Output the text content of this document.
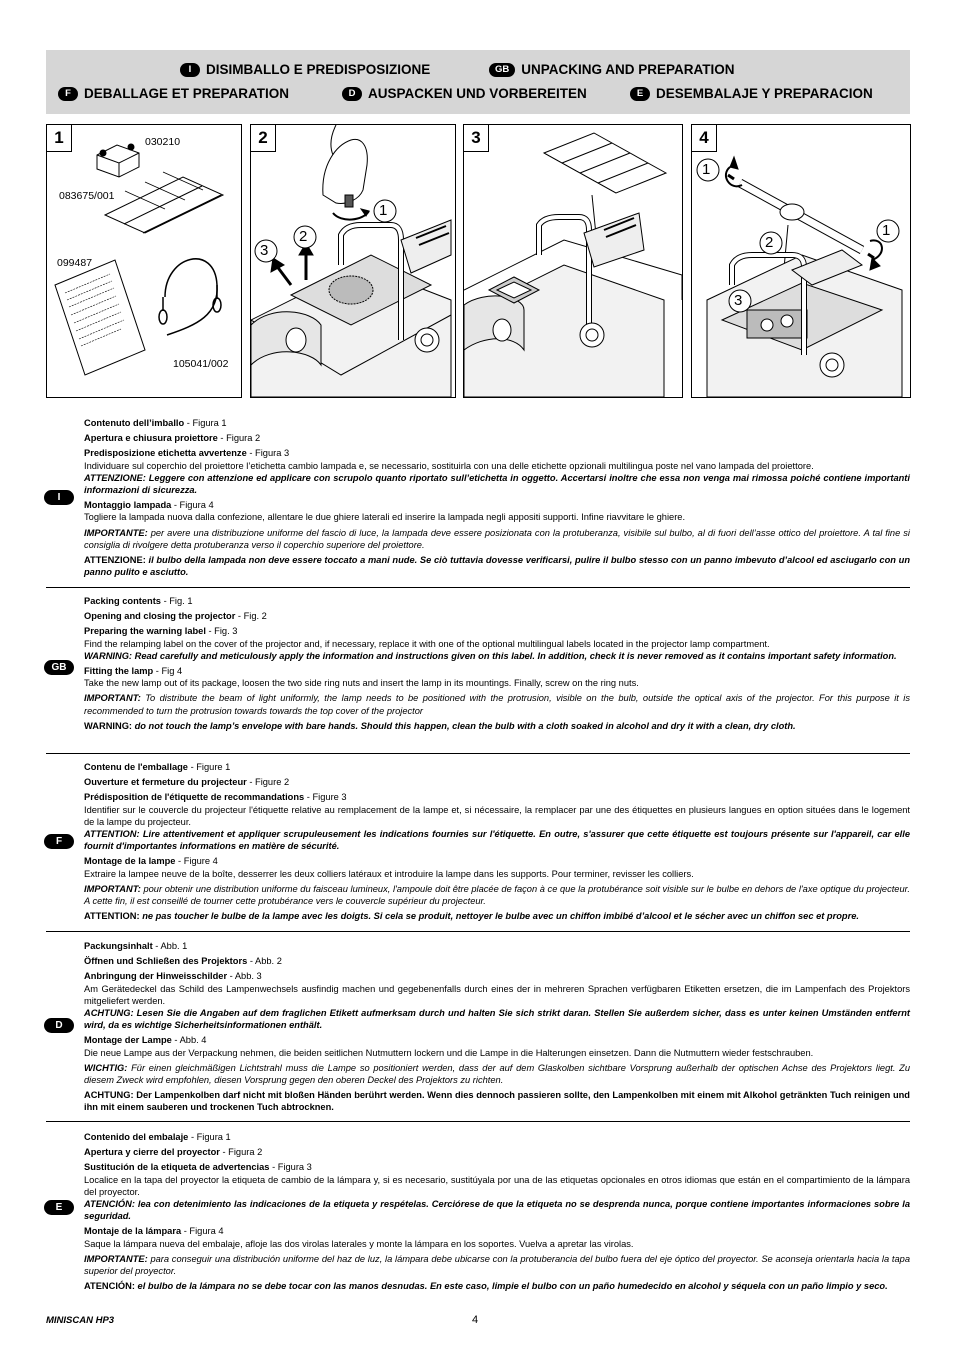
I	DISIMBALLO E PREDISPOSIZIONE	GB UNPACKING AND PREPARATION
F DEBALLAGE ET PREPARATION	D AUSPACKEN UND VORBEREITEN	E DESEMBALAJE Y PREPARACION
1	030210
083675/001
099487
105041/002
2
1
2
3
3	4
1
1
2
3
I

Contenuto dell’imballo - Figura 1

Apertura e chiusura proiettore - Figura 2

Predisposizione etichetta avvertenze - Figura 3

Individuare sul coperchio del proiettore l’etichetta cambio lampada e, se necessario, sostituirla con una delle etichette opzionali multilingua poste nel vano lampada del proiettore.

ATTENZIONE: Leggere con attenzione ed applicare con scrupolo quanto riportato sull’etichetta in oggetto. Accertarsi inoltre che essa non venga mai rimossa poiché contiene importanti informazioni di sicurezza.

Montaggio lampada - Figura 4

Togliere la lampada nuova dalla confezione, allentare le due ghiere laterali ed inserire la lampada negli appositi supporti. Infine riavvitare le ghiere.

IMPORTANTE: per avere una distribuzione uniforme del fascio di luce, la lampada deve essere posizionata con la protuberanza, visibile sul bulbo, al di fuori dell’asse ottico del proiettore. A tal fine si consiglia di rivolgere detta protuberanza verso il coperchio superiore del proiettore.

ATTENZIONE: il bulbo della lampada non deve essere toccato a mani nude. Se ciò tuttavia dovesse verificarsi, pulire il bulbo stesso con un panno imbevuto d’alcool ed asciugarlo con un panno pulito e asciutto.

GB

Packing contents - Fig. 1

Opening and closing the projector - Fig. 2

Preparing the warning label - Fig. 3

Find the relamping label on the cover of the projector and, if necessary, replace it with one of the optional multilingual labels located in the projector lamp compartment.

WARNING: Read carefully and meticulously apply the information and instructions given on this label. In addition, check it is never removed as it contains important safety information.

Fitting the lamp - Fig 4

Take the new lamp out of its package, loosen the two side ring nuts and insert the lamp in its mountings. Finally, screw on the ring nuts.

IMPORTANT: To distribute the beam of light uniformly, the lamp needs to be positioned with the protrusion, visible on the bulb, outside the optical axis of the projector. For this purpose it is recommended to turn the protrusion towards towards the top cover of the projector

WARNING: do not touch the lamp’s envelope with bare hands. Should this happen, clean the bulb with a cloth soaked in alcohol and dry it with a clean, dry cloth.

F

Contenu de l'emballage - Figure 1

Ouverture et fermeture du projecteur - Figure 2

Prédisposition de l'étiquette de recommandations - Figure 3

Identifier sur le couvercle du projecteur l'étiquette relative au remplacement de la lampe et, si nécessaire, la remplacer par une des étiquettes en plusieurs langues en option situées dans le logement de la lampe du projecteur.

ATTENTION: Lire attentivement et appliquer scrupuleusement les indications fournies sur l'étiquette. En outre, s'assurer que cette étiquette est toujours présente sur l'appareil, car elle fournit d'importantes informations en matière de sécurité.

Montage de la lampe - Figure 4

Extraire la lampee neuve de la boîte, desserrer les deux colliers latéraux et introduire la lampe dans les supports. Pour terminer, revisser les colliers.

IMPORTANT: pour obtenir une distribution uniforme du faisceau lumineux, l'ampoule doit être placée de façon à ce que la protubérance soit visible sur le bulbe en dehors de l'axe optique du projecteur. A cette fin, il est conseillé de tourner cette protubérance vers le couvercle supérieur du projecteur.

ATTENTION: ne pas toucher le bulbe de la lampe avec les doigts. Si cela se produit, nettoyer le bulbe avec un chiffon imbibé d’alcool et le sécher avec un chiffon sec et propre.

D

Packungsinhalt - Abb. 1

Öffnen und Schließen des Projektors - Abb. 2

Anbringung der Hinweisschilder - Abb. 3

Am Gerätedeckel das Schild des Lampenwechsels ausfindig machen und gegebenenfalls durch eines der in mehreren Sprachen verfügbaren Etiketten ersetzen, die im Lampenfach des Projektors mitgeliefert werden.

ACHTUNG: Lesen Sie die Angaben auf dem fraglichen Etikett aufmerksam durch und halten Sie sich strikt daran. Stellen Sie außerdem sicher, dass es unter keinen Umständen entfernt wird, da es wichtige Sicherheitsinformationen enthält.

Montage der Lampe - Abb. 4

Die neue Lampe aus der Verpackung nehmen, die beiden seitlichen Nutmuttern lockern und die Lampe in die Halterungen einsetzen. Dann die Nutmuttern wieder festschrauben.

WICHTIG: Für einen gleichmäßigen Lichtstrahl muss die Lampe so positioniert werden, dass der auf dem Glaskolben sichtbare Vorsprung außerhalb der optischen Achse des Projektors liegt. Zu diesem Zweck wird empfohlen, diesen Vorsprung gegen den oberen Deckel des Projektors zu richten.

ACHTUNG: Der Lampenkolben darf nicht mit bloßen Händen berührt werden. Wenn dies dennoch passieren sollte, den Lampenkolben mit einem mit Alkohol getränkten Tuch reinigen und ihn mit einem sauberen und trockenen Tuch abtrocknen.

E

Contenido del embalaje - Figura 1

Apertura y cierre del proyector - Figura 2

Sustitución de la etiqueta de advertencias - Figura 3

Localice en la tapa del proyector la etiqueta de cambio de la lámpara y, si es necesario, sustitúyala por una de las etiquetas opcionales en otros idiomas que están en el compartimiento de la lámpara del proyector.

ATENCIÓN: lea con detenimiento las indicaciones de la etiqueta y respételas. Cerciórese de que la etiqueta no se desprenda nunca, porque contiene importantes informaciones sobre la seguridad.

Montaje de la lámpara - Figura 4

Saque la lámpara nueva del embalaje, afloje las dos virolas laterales y monte la lámpara en los soportes. Vuelva a apretar las virolas.

IMPORTANTE: para conseguir una distribución uniforme del haz de luz, la lámpara debe ubicarse con la protuberancia del bulbo fuera del eje óptico del proyector. Se aconseja orientarla hacia la tapa superior del proyector.

ATENCIÓN: el bulbo de la lámpara no se debe tocar con las manos desnudas. En este caso, limpie el bulbo con un paño humedecido en alcohol y séquela con un paño limpio y seco.

MINISCAN HP3	4
